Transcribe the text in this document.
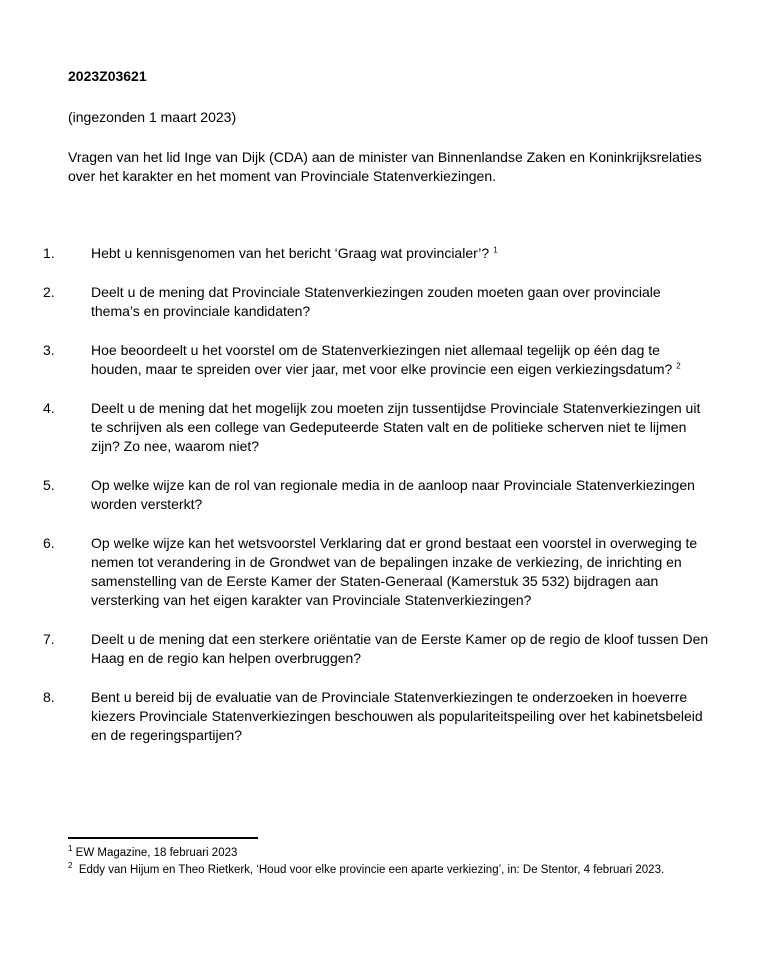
2023Z03621
(ingezonden 1 maart 2023)
Vragen van het lid Inge van Dijk (CDA) aan de minister van Binnenlandse Zaken en Koninkrijksrelaties over het karakter en het moment van Provinciale Statenverkiezingen.
1.	Hebt u kennisgenomen van het bericht ‘Graag wat provincialer’? $^1$
2.	Deelt u de mening dat Provinciale Statenverkiezingen zouden moeten gaan over provinciale thema’s en provinciale kandidaten?
3.	Hoe beoordeelt u het voorstel om de Statenverkiezingen niet allemaal tegelijk op één dag te houden, maar te spreiden over vier jaar, met voor elke provincie een eigen verkiezingsdatum? $^2$
4.	Deelt u de mening dat het mogelijk zou moeten zijn tussentijdse Provinciale Statenverkiezingen uit te schrijven als een college van Gedeputeerde Staten valt en de politieke scherven niet te lijmen zijn? Zo nee, waarom niet?
5.	Op welke wijze kan de rol van regionale media in de aanloop naar Provinciale Statenverkiezingen worden versterkt?
6.	Op welke wijze kan het wetsvoorstel Verklaring dat er grond bestaat een voorstel in overweging te nemen tot verandering in de Grondwet van de bepalingen inzake de verkiezing, de inrichting en samenstelling van de Eerste Kamer der Staten-Generaal (Kamerstuk 35 532) bijdragen aan versterking van het eigen karakter van Provinciale Statenverkiezingen?
7.	Deelt u de mening dat een sterkere oriëntatie van de Eerste Kamer op de regio de kloof tussen Den Haag en de regio kan helpen overbruggen?
8.	Bent u bereid bij de evaluatie van de Provinciale Statenverkiezingen te onderzoeken in hoeverre kiezers Provinciale Statenverkiezingen beschouwen als populariteitspeiling over het kabinetsbeleid en de regeringspartijen?

$^1$ EW Magazine, 18 februari 2023

$^2$ Eddy van Hijum en Theo Rietkerk, ‘Houd voor elke provincie een aparte verkiezing’, in: De Stentor, 4 februari 2023.
